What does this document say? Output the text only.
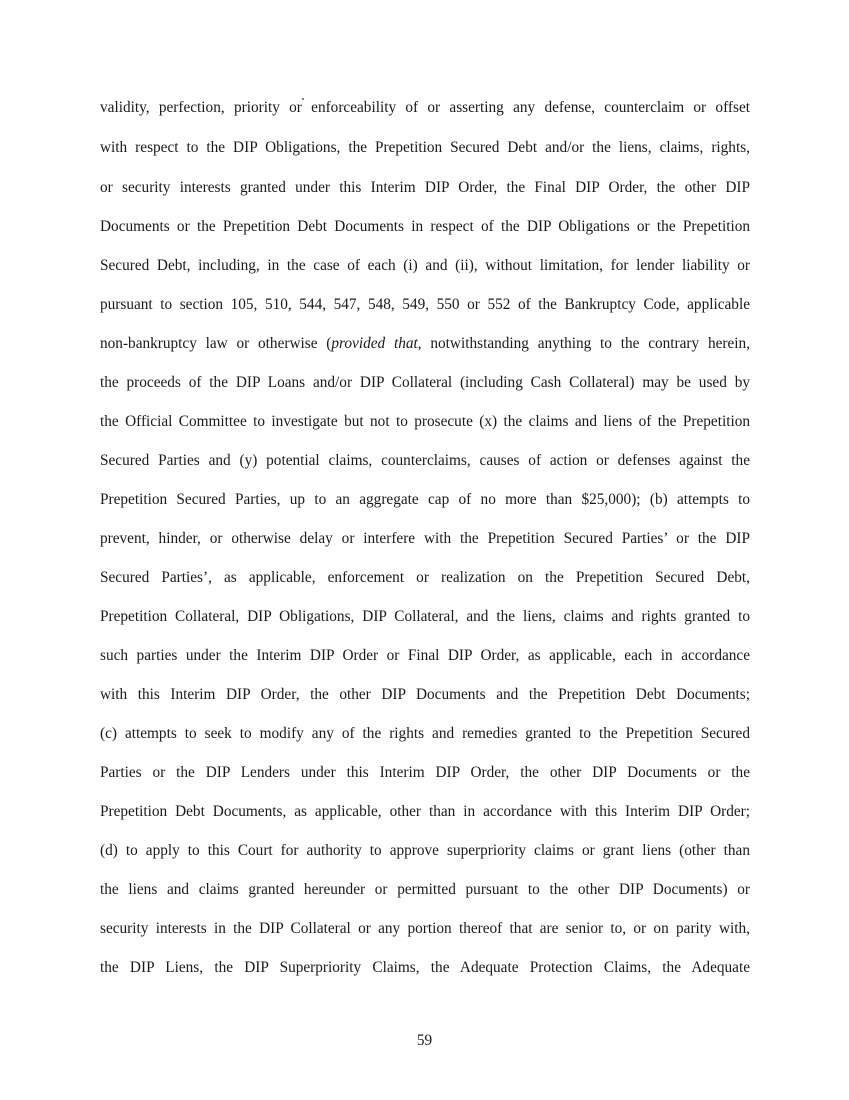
validity, perfection, priority or enforceability of or asserting any defense, counterclaim or offset
with respect to the DIP Obligations, the Prepetition Secured Debt and/or the liens, claims, rights,
or security interests granted under this Interim DIP Order, the Final DIP Order, the other DIP
Documents or the Prepetition Debt Documents in respect of the DIP Obligations or the Prepetition
Secured Debt, including, in the case of each (i) and (ii), without limitation, for lender liability or
pursuant to section 105, 510, 544, 547, 548, 549, 550 or 552 of the Bankruptcy Code, applicable
non-bankruptcy law or otherwise (provided that, notwithstanding anything to the contrary herein,
the proceeds of the DIP Loans and/or DIP Collateral (including Cash Collateral) may be used by
the Official Committee to investigate but not to prosecute (x) the claims and liens of the Prepetition
Secured Parties and (y) potential claims, counterclaims, causes of action or defenses against the
Prepetition Secured Parties, up to an aggregate cap of no more than $25,000); (b) attempts to
prevent, hinder, or otherwise delay or interfere with the Prepetition Secured Parties’ or the DIP
Secured Parties’, as applicable, enforcement or realization on the Prepetition Secured Debt,
Prepetition Collateral, DIP Obligations, DIP Collateral, and the liens, claims and rights granted to
such parties under the Interim DIP Order or Final DIP Order, as applicable, each in accordance
with this Interim DIP Order, the other DIP Documents and the Prepetition Debt Documents;
(c) attempts to seek to modify any of the rights and remedies granted to the Prepetition Secured
Parties or the DIP Lenders under this Interim DIP Order, the other DIP Documents or the
Prepetition Debt Documents, as applicable, other than in accordance with this Interim DIP Order;
(d) to apply to this Court for authority to approve superpriority claims or grant liens (other than
the liens and claims granted hereunder or permitted pursuant to the other DIP Documents) or
security interests in the DIP Collateral or any portion thereof that are senior to, or on parity with,
the DIP Liens, the DIP Superpriority Claims, the Adequate Protection Claims, the Adequate
59
